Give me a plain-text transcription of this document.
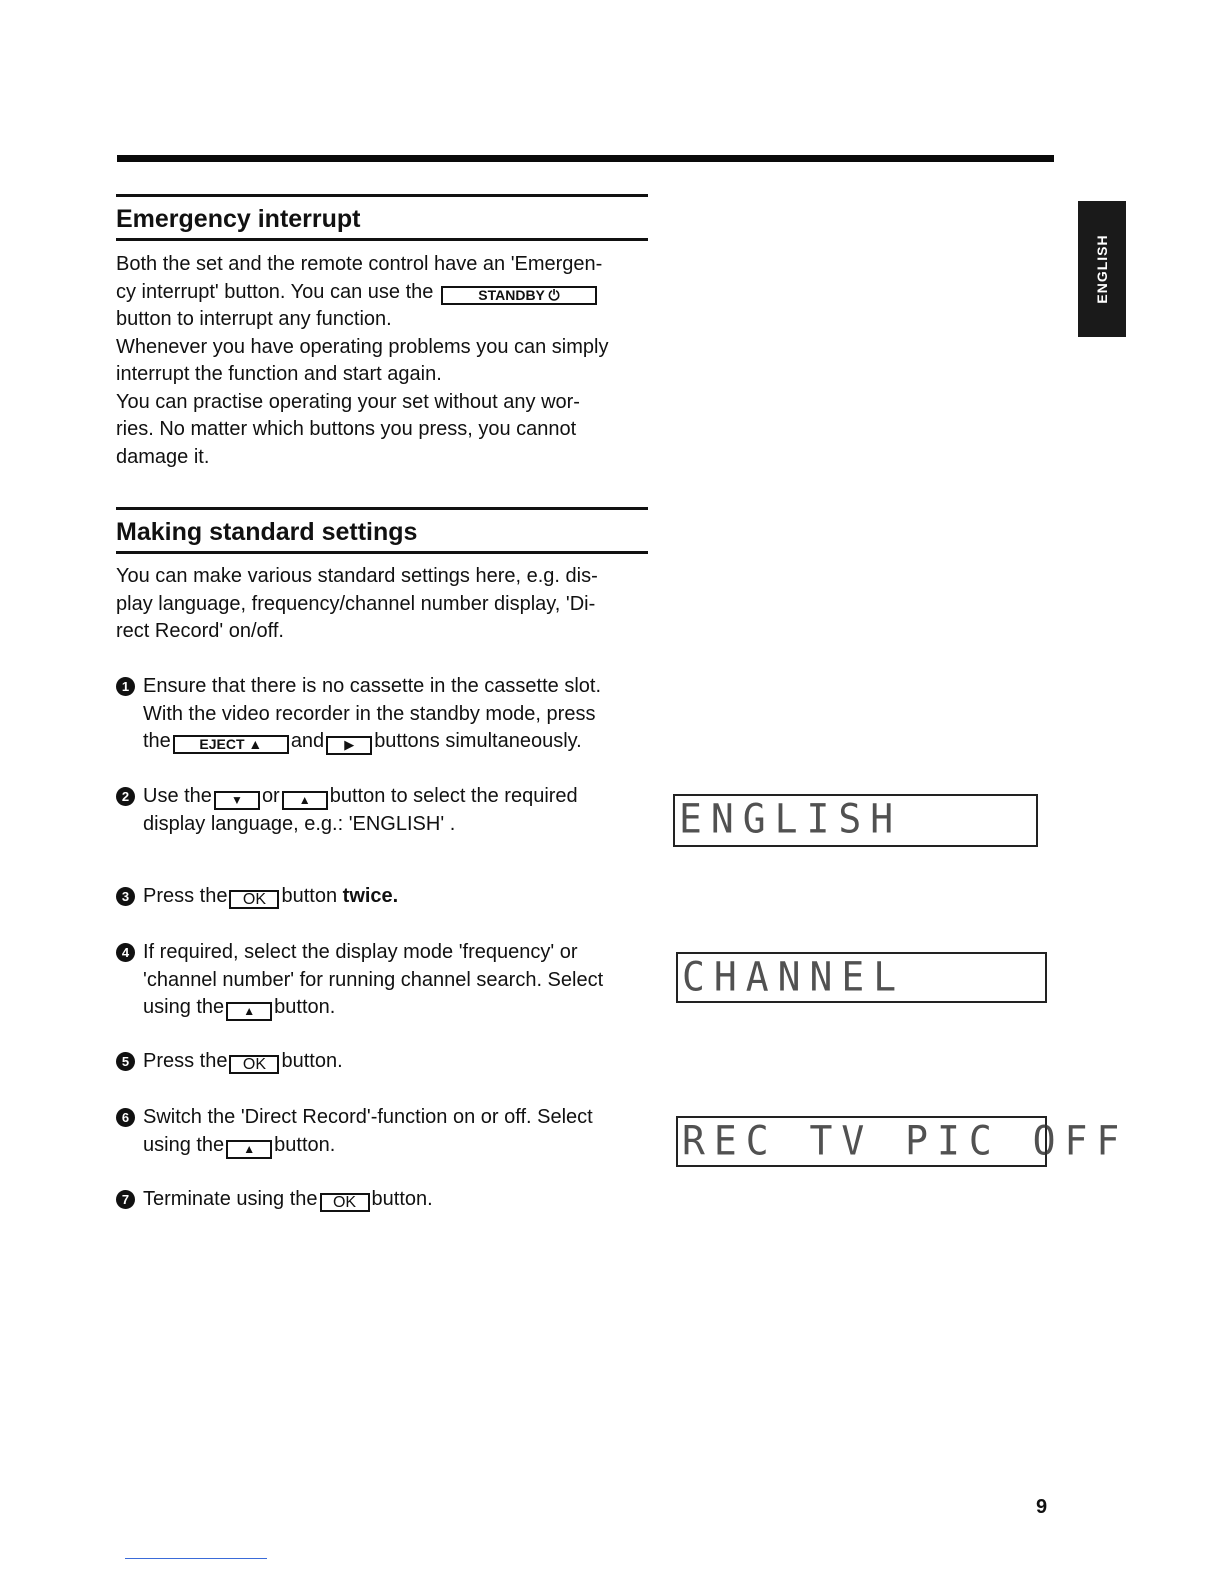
ENGLISH
Emergency interrupt

Both the set and the remote control have an 'Emergen-

cy interrupt' button. You can use the	STANDBY ⏻

button to interrupt any function.

Whenever you have operating problems you can simply

interrupt the function and start again.

You can practise operating your set without any wor-

ries. No matter which buttons you press, you cannot

damage it.

Making standard settings

You can make various standard settings here, e.g. dis-

play language, frequency/channel number display, 'Di-

rect Record' on/off.

1 Ensure that there is no cassette in the cassette slot.
With the video recorder in the standby mode, press
the EJECT ▲ and ▶ buttons simultaneously.
2 Use the ▼ or ▲ button to select the required
display language, e.g.: 'ENGLISH' .
3 Press the OK button twice.
4 If required, select the display mode 'frequency' or
'channel number' for running channel search. Select
using the ▲ button.
5 Press the OK button.
6 Switch the 'Direct Record'-function on or off. Select
using the ▲ button.
7 Terminate using the OK button.
ENGLISH
CHANNEL
REC TV PIC OFF
9
